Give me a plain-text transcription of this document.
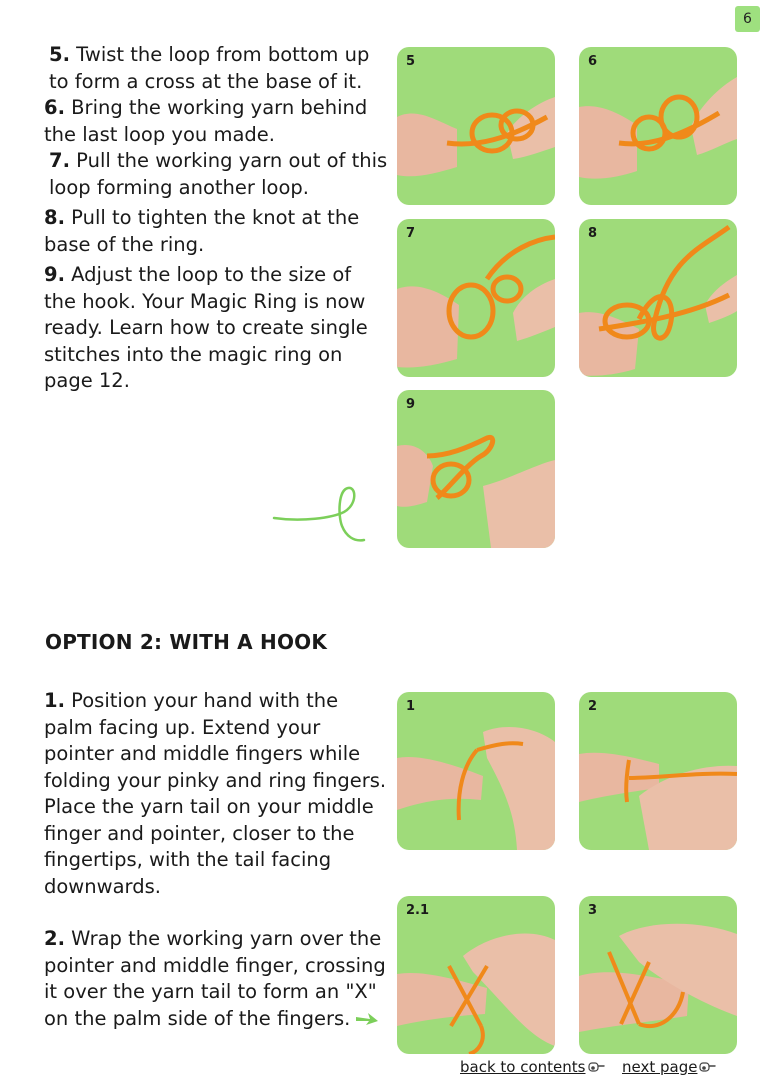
6

5. Twist the loop from bottom up to form a cross at the base of it.

6. Bring the working yarn behind the last loop you made.

7. Pull the working yarn out of this loop forming another loop.

8. Pull to tighten the knot at the base of the ring.

9. Adjust the loop to the size of the hook. Your Magic Ring is now ready. Learn how to create single stitches into the magic ring on page 12.

OPTION 2: WITH A HOOK

1. Position your hand with the palm facing up. Extend your pointer and middle fingers while folding your pinky and ring fingers. Place the yarn tail on your middle finger and pointer, closer to the fingertips, with the tail facing downwards.

2. Wrap the working yarn over the pointer and middle finger, crossing it over the yarn tail to form an "X" on the palm side of the fingers.

5	6
7	8
9
1	2
2.1	3
back to contents next page
